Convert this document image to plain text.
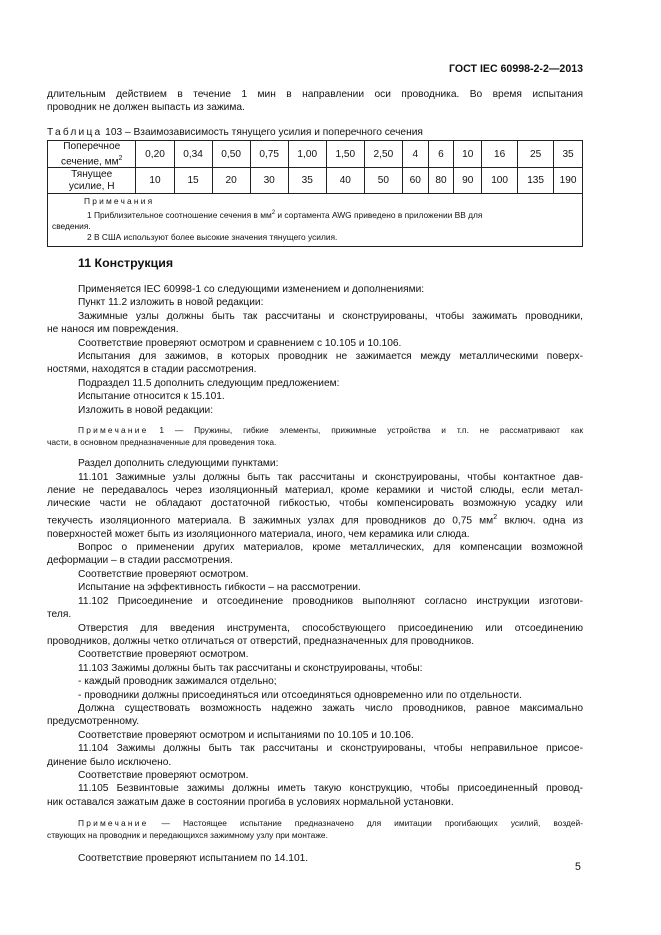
ГОСТ IEC 60998-2-2—2013

длительным действием в течение 1 мин в направлении оси проводника. Во время испытания

проводник не должен выпасть из зажима.

Таблица 103 – Взаимозависимость тянущего усилия и поперечного сечения
Поперечное
сечение, $мм^2$	0,20	0,34	0,50	0,75	1,00	1,50	2,50	4	6	10	16	25	35
Тянущее
усилие, Н	10	15	20	30	35	40	50	60	80	90	100	135	190

Примечания
1 Приблизительное соотношение сечения в $мм^2$ и сортамента AWG приведено в приложении ВВ для
сведения.
2 В США используют более высокие значения тянущего усилия.													
11 Конструкция

Применяется IEC 60998-1 со следующими изменением и дополнениями:

Пункт 11.2 изложить в новой редакции:

Зажимные узлы должны быть так рассчитаны и сконструированы, чтобы зажимать проводники,

не нанося им повреждения.

Соответствие проверяют осмотром и сравнением с 10.105 и 10.106.

Испытания для зажимов, в которых проводник не зажимается между металлическими поверх-

ностями, находятся в стадии рассмотрения.

Подраздел 11.5 дополнить следующим предложением:

Испытание относится к 15.101.

Изложить в новой редакции:

Примечание 1 — Пружины, гибкие элементы, прижимные устройства и т.п. не рассматривают как

части, в основном предназначенные для проведения тока.

Раздел дополнить следующими пунктами:

11.101 Зажимные узлы должны быть так рассчитаны и сконструированы, чтобы контактное дав-

ление не передавалось через изоляционный материал, кроме керамики и чистой слюды, если метал-

лические части не обладают достаточной гибкостью, чтобы компенсировать возможную усадку или

текучесть изоляционного материала. В зажимных узлах для проводников до 0,75 $мм^2$ включ. одна из

поверхностей может быть из изоляционного материала, иного, чем керамика или слюда.

Вопрос о применении других материалов, кроме металлических, для компенсации возможной

деформации – в стадии рассмотрения.

Соответствие проверяют осмотром.

Испытание на эффективность гибкости – на рассмотрении.

11.102 Присоединение и отсоединение проводников выполняют согласно инструкции изготови-

теля.

Отверстия для введения инструмента, способствующего присоединению или отсоединению

проводников, должны четко отличаться от отверстий, предназначенных для проводников.

Соответствие проверяют осмотром.

11.103 Зажимы должны быть так рассчитаны и сконструированы, чтобы:

- каждый проводник зажимался отдельно;

- проводники должны присоединяться или отсоединяться одновременно или по отдельности.

Должна существовать возможность надежно зажать число проводников, равное максимально

предусмотренному.

Соответствие проверяют осмотром и испытаниями по 10.105 и 10.106.

11.104 Зажимы должны быть так рассчитаны и сконструированы, чтобы неправильное присое-

динение было исключено.

Соответствие проверяют осмотром.

11.105 Безвинтовые зажимы должны иметь такую конструкцию, чтобы присоединенный провод-

ник оставался зажатым даже в состоянии прогиба в условиях нормальной установки.

Примечание — Настоящее испытание предназначено для имитации прогибающих усилий, воздей-

ствующих на проводник и передающихся зажимному узлу при монтаже.

Соответствие проверяют испытанием по 14.101.

5
